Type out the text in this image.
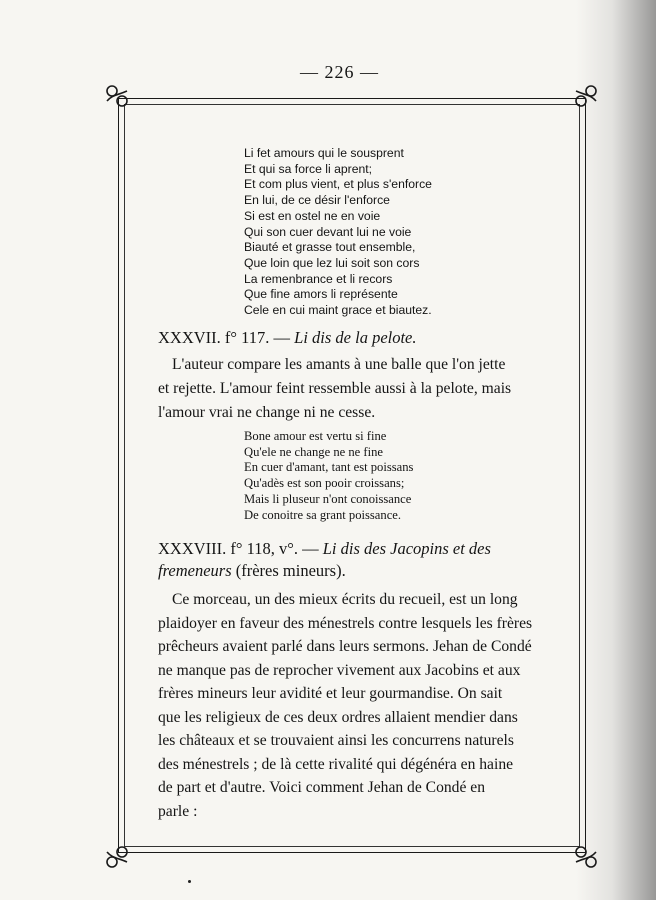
— 226 —
Li fet amours qui le sousprent
Et qui sa force li aprent;
Et com plus vient, et plus s'enforce
En lui, de ce désir l'enforce
Si est en ostel ne en voie
Qui son cuer devant lui ne voie
Biauté et grasse tout ensemble,
Que loin que lez lui soit son cors
La remenbrance et li recors
Que fine amors li représente
Cele en cui maint grace et biautez.
XXXVII. f° 117. — Li dis de la pelote.
L'auteur compare les amants à une balle que l'on jette
et rejette. L'amour feint ressemble aussi à la pelote, mais
l'amour vrai ne change ni ne cesse.
Bone amour est vertu si fine
Qu'ele ne change ne ne fine
En cuer d'amant, tant est poissans
Qu'adès est son pooir croissans;
Mais li pluseur n'ont conoissance
De conoitre sa grant poissance.
XXXVIII. f° 118, v°. — Li dis des Jacopins et des fremeneurs (frères mineurs).
Ce morceau, un des mieux écrits du recueil, est un long
plaidoyer en faveur des ménestrels contre lesquels les frères
prêcheurs avaient parlé dans leurs sermons. Jehan de Condé
ne manque pas de reprocher vivement aux Jacobins et aux
frères mineurs leur avidité et leur gourmandise. On sait
que les religieux de ces deux ordres allaient mendier dans
les châteaux et se trouvaient ainsi les concurrens naturels
des ménestrels ; de là cette rivalité qui dégénéra en haine
de part et d'autre. Voici comment Jehan de Condé en
parle :
